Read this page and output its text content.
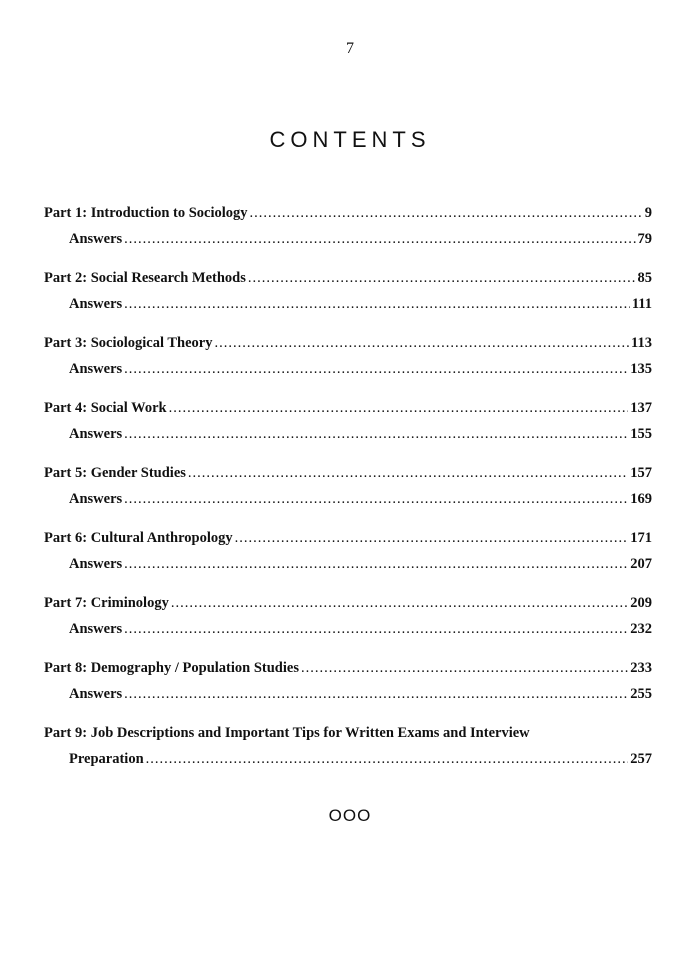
7
CONTENTS
Part 1: Introduction to Sociology .....	9
Answers .....	79
Part 2: Social Research Methods .....	85
Answers .....	111
Part 3: Sociological Theory .....	113
Answers .....	135
Part 4: Social Work .....	137
Answers .....	155
Part 5: Gender Studies .....	157
Answers .....	169
Part 6: Cultural Anthropology .....	171
Answers .....	207
Part 7: Criminology .....	209
Answers .....	232
Part 8: Demography / Population Studies .....	233
Answers .....	255
Part 9: Job Descriptions and Important Tips for Written Exams and Interview
Preparation .....	257
OOO
